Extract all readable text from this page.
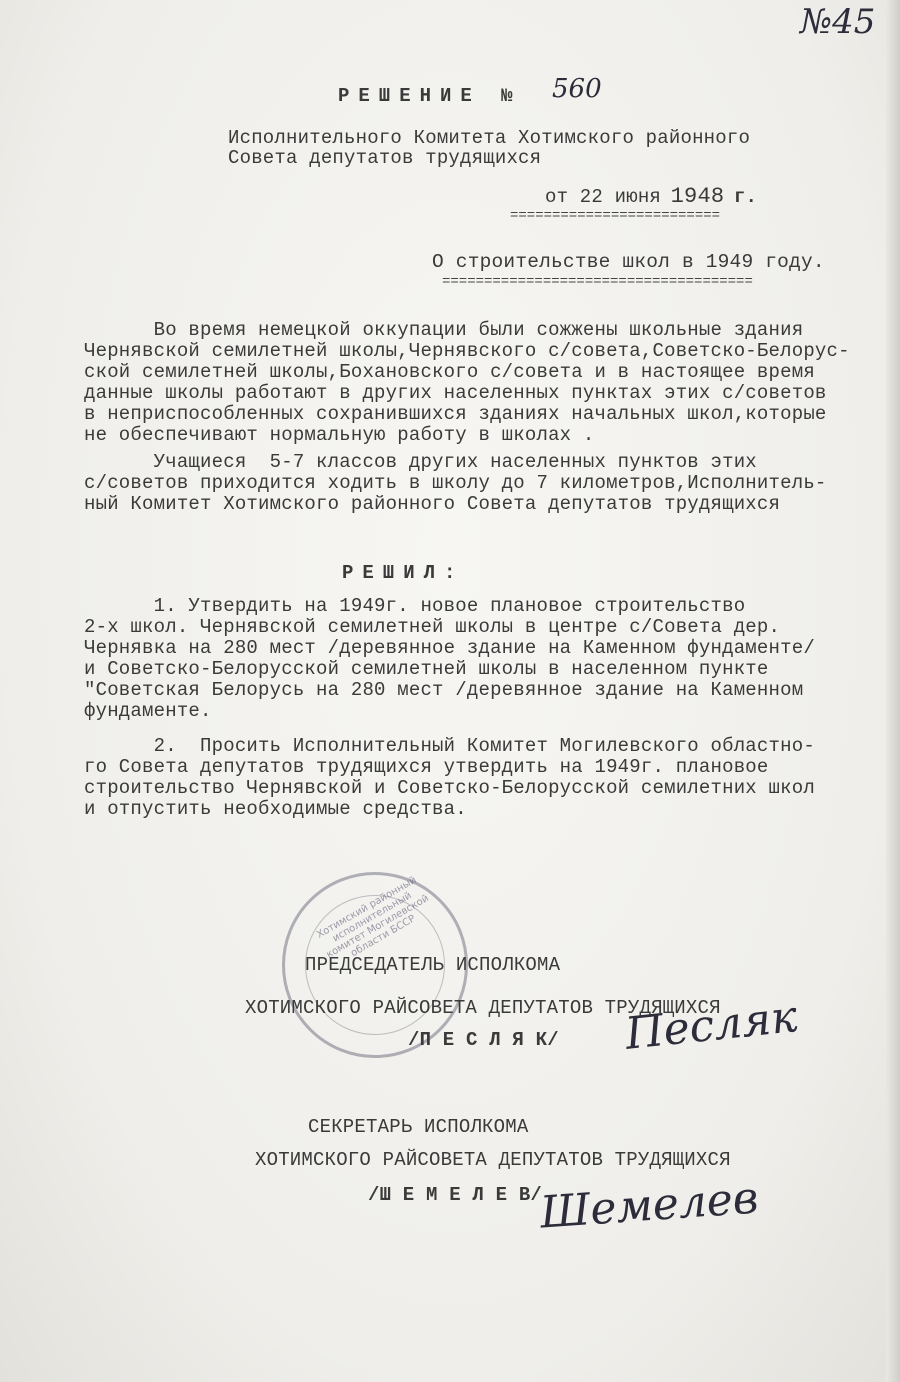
№45
РЕШЕНИЕ № 560
Исполнительного Комитета Хотимского районного
Совета депутатов трудящихся
от 22 июня 1948 г.
=========================
О строительстве школ в 1949 году.
=====================================
Во время немецкой оккупации были сожжены школьные здания
Чернявской семилетней школы,Чернявского с/совета,Советско-Белорус-
ской семилетней школы,Бохановского с/совета и в настоящее время
данные школы работают в других населенных пунктах этих с/советов
в неприспособленных сохранившихся зданиях начальных школ,которые
не обеспечивают нормальную работу в школах .
Учащиеся  5-7 классов других населенных пунктов этих
с/советов приходится ходить в школу до 7 километров,Исполнитель-
ный Комитет Хотимского районного Совета депутатов трудящихся
РЕШИЛ:
1. Утвердить на 1949г. новое плановое строительство
2-х школ. Чернявской семилетней школы в центре с/Совета дер.
Чернявка на 280 мест /деревянное здание на Каменном фундаменте/
и Советско-Белорусской семилетней школы в населенном пункте
"Советская Белорусь на 280 мест /деревянное здание на Каменном
фундаменте.
2.  Просить Исполнительный Комитет Могилевского областно-
го Совета депутатов трудящихся утвердить на 1949г. плановое
строительство Чернявской и Советско-Белорусской семилетних школ
и отпустить необходимые средства.
Хотимский районный исполнительный комитет Могилевской области БССР
ПРЕДСЕДАТЕЛЬ ИСПОЛКОМА
ХОТИМСКОГО РАЙСОВЕТА ДЕПУТАТОВ ТРУДЯЩИХСЯ
/П Е С Л Я К/ Песляк
СЕКРЕТАРЬ ИСПОЛКОМА
ХОТИМСКОГО РАЙСОВЕТА ДЕПУТАТОВ ТРУДЯЩИХСЯ
/Ш Е М Е Л Е В/
Шемелев
